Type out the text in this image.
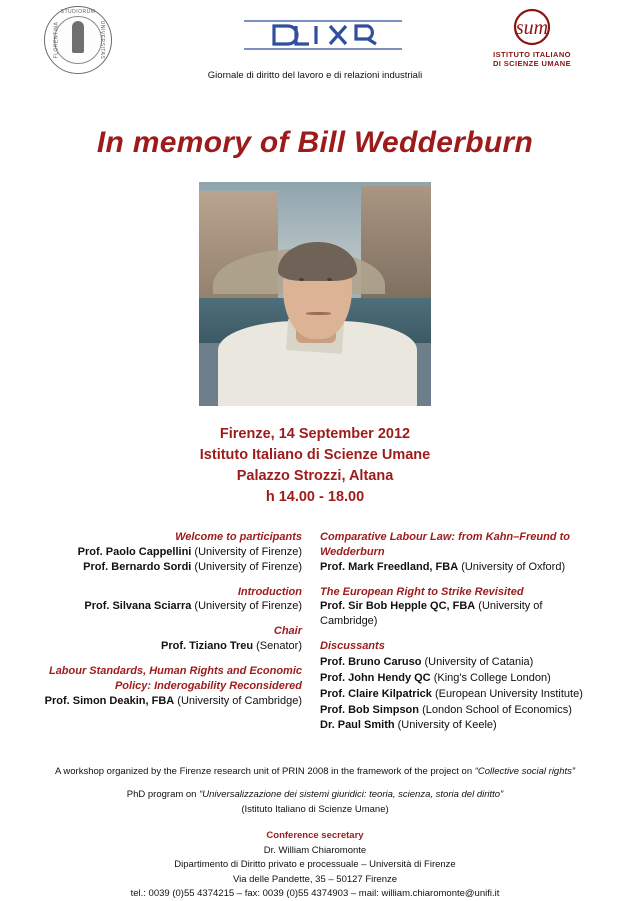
STUDIORUM
FLORENTINA	UNIVERSITAS
Giornale di diritto del lavoro e di relazioni industriali
sum
ISTITUTO ITALIANO
DI SCIENZE UMANE
In memory of Bill Wedderburn
Firenze, 14 September 2012
Istituto Italiano di Scienze Umane
Palazzo Strozzi, Altana
h 14.00 - 18.00
Welcome to participants
Prof. Paolo Cappellini (University of Firenze)
Prof. Bernardo Sordi (University of Firenze)
Introduction
Prof. Silvana Sciarra (University of Firenze)
Chair
Prof. Tiziano Treu (Senator)
Labour Standards, Human Rights and Economic Policy: Inderogability Reconsidered
Prof. Simon Deakin, FBA (University of Cambridge)
Comparative Labour Law: from Kahn–Freund to Wedderburn
Prof. Mark Freedland, FBA (University of Oxford)
The European Right to Strike Revisited
Prof. Sir Bob Hepple QC, FBA (University of Cambridge)
Discussants
Prof. Bruno Caruso (University of Catania)
Prof. John Hendy QC (King's College London)
Prof. Claire Kilpatrick (European University Institute)
Prof. Bob Simpson (London School of Economics)
Dr. Paul Smith (University of Keele)
A workshop organized by the Firenze research unit of PRIN 2008 in the framework of the project on “Collective social rights”
PhD program on “Universalizzazione dei sistemi giuridici: teoria, scienza, storia del diritto”
(Istituto Italiano di Scienze Umane)
Conference secretary
Dr. William Chiaromonte
Dipartimento di Diritto privato e processuale – Università di Firenze
Via delle Pandette, 35 – 50127 Firenze
tel.: 0039 (0)55 4374215 – fax: 0039 (0)55 4374903 – mail: william.chiaromonte@unifi.it
